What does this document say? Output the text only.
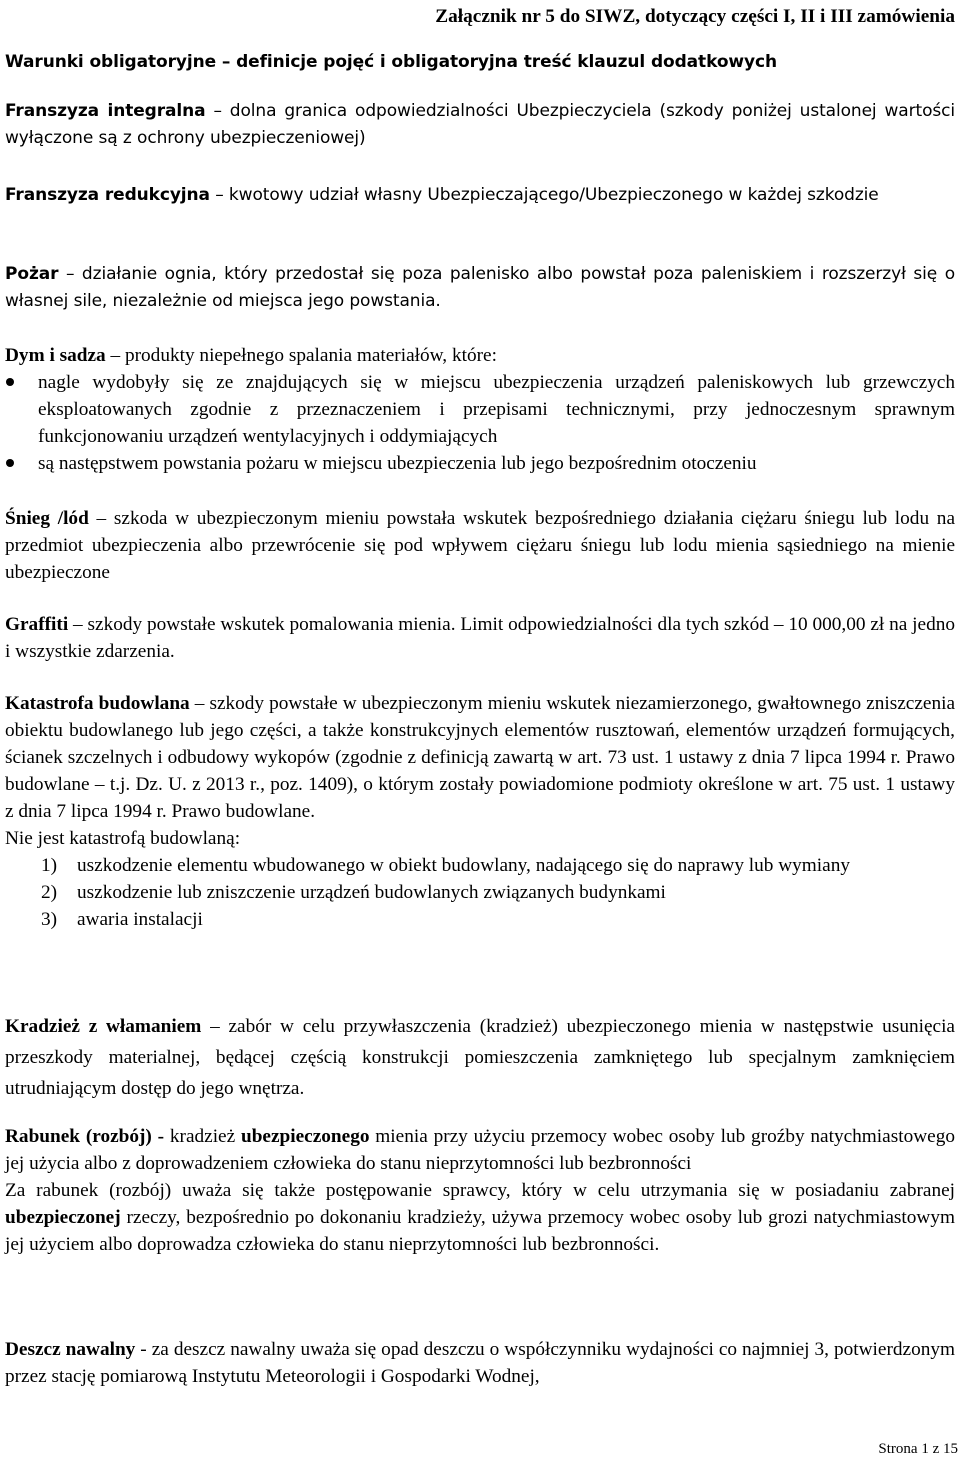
Załącznik nr 5 do SIWZ, dotyczący części I, II i III zamówienia
Warunki obligatoryjne – definicje pojęć i obligatoryjna treść klauzul dodatkowych
Franszyza integralna – dolna granica odpowiedzialności Ubezpieczyciela (szkody poniżej ustalonej wartości wyłączone są z ochrony ubezpieczeniowej)
Franszyza redukcyjna – kwotowy udział własny Ubezpieczającego/Ubezpieczonego w każdej szkodzie
Pożar – działanie ognia, który przedostał się poza palenisko albo powstał poza paleniskiem i rozszerzył się o własnej sile, niezależnie od miejsca jego powstania.
Dym i sadza – produkty niepełnego spalania materiałów, które:
nagle wydobyły się ze znajdujących się w miejscu ubezpieczenia urządzeń paleniskowych lub grzewczych eksploatowanych zgodnie z przeznaczeniem i przepisami technicznymi, przy jednoczesnym sprawnym funkcjonowaniu urządzeń wentylacyjnych i oddymiających
są następstwem powstania pożaru w miejscu ubezpieczenia lub jego bezpośrednim otoczeniu
Śnieg /lód – szkoda w ubezpieczonym mieniu powstała wskutek bezpośredniego działania ciężaru śniegu lub lodu na przedmiot ubezpieczenia albo przewrócenie się pod wpływem ciężaru śniegu lub lodu mienia sąsiedniego na mienie ubezpieczone
Graffiti – szkody powstałe wskutek pomalowania mienia. Limit odpowiedzialności dla tych szkód – 10 000,00 zł na jedno i wszystkie zdarzenia.
Katastrofa budowlana – szkody powstałe w ubezpieczonym mieniu wskutek niezamierzonego, gwałtownego zniszczenia obiektu budowlanego lub jego części, a także konstrukcyjnych elementów rusztowań, elementów urządzeń formujących, ścianek szczelnych i odbudowy wykopów (zgodnie z definicją zawartą w art. 73 ust. 1 ustawy z dnia 7 lipca 1994 r. Prawo budowlane – t.j. Dz. U. z 2013 r., poz. 1409), o którym zostały powiadomione podmioty określone w art. 75 ust. 1 ustawy z dnia 7 lipca 1994 r. Prawo budowlane.
Nie jest katastrofą budowlaną:
1) uszkodzenie elementu wbudowanego w obiekt budowlany, nadającego się do naprawy lub wymiany
2) uszkodzenie lub zniszczenie urządzeń budowlanych związanych budynkami
3) awaria instalacji
Kradzież z włamaniem – zabór w celu przywłaszczenia (kradzież) ubezpieczonego mienia w następstwie usunięcia przeszkody materialnej, będącej częścią konstrukcji pomieszczenia zamkniętego lub specjalnym zamknięciem utrudniającym dostęp do jego wnętrza.
Rabunek (rozbój) - kradzież ubezpieczonego mienia przy użyciu przemocy wobec osoby lub groźby natychmiastowego jej użycia albo z doprowadzeniem człowieka do stanu nieprzytomności lub bezbronności
Za rabunek (rozbój) uważa się także postępowanie sprawcy, który w celu utrzymania się w posiadaniu zabranej ubezpieczonej rzeczy, bezpośrednio po dokonaniu kradzieży, używa przemocy wobec osoby lub grozi natychmiastowym jej użyciem albo doprowadza człowieka do stanu nieprzytomności lub bezbronności.
Deszcz nawalny - za deszcz nawalny uważa się opad deszczu o współczynniku wydajności co najmniej 3, potwierdzonym przez stację pomiarową Instytutu Meteorologii i Gospodarki Wodnej,
Strona 1 z 15
